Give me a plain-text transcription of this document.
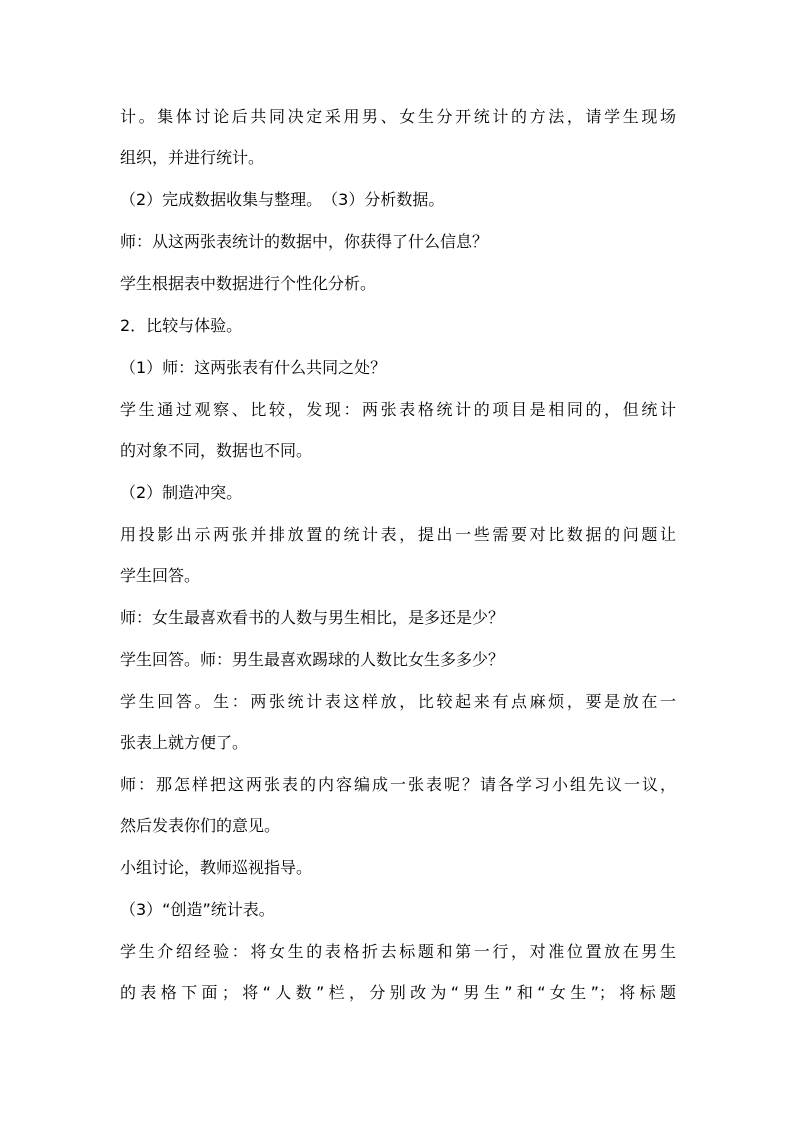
计。集体讨论后共同决定采用男、女生分开统计的方法，请学生现场
组织，并进行统计。
（2）完成数据收集与整理。　（3）分析数据。
师：从这两张表统计的数据中，你获得了什么信息？
学生根据表中数据进行个性化分析。
2．比较与体验。
（1）师：这两张表有什么共同之处？
学生通过观察、比较，发现：两张表格统计的项目是相同的，但统计
的对象不同，数据也不同。
（2）制造冲突。
用投影出示两张并排放置的统计表，提出一些需要对比数据的问题让
学生回答。
师：女生最喜欢看书的人数与男生相比，是多还是少？
学生回答。师：男生最喜欢踢球的人数比女生多多少？
学生回答。生：两张统计表这样放，比较起来有点麻烦，要是放在一
张表上就方便了。
师：那怎样把这两张表的内容编成一张表呢？请各学习小组先议一议，
然后发表你们的意见。
小组讨论，教师巡视指导。
（3）“创造”统计表。
学生介绍经验：将女生的表格折去标题和第一行，对准位置放在男生
的表格下面；将“人数”栏，分别改为“男生”和“女生”；将标题
